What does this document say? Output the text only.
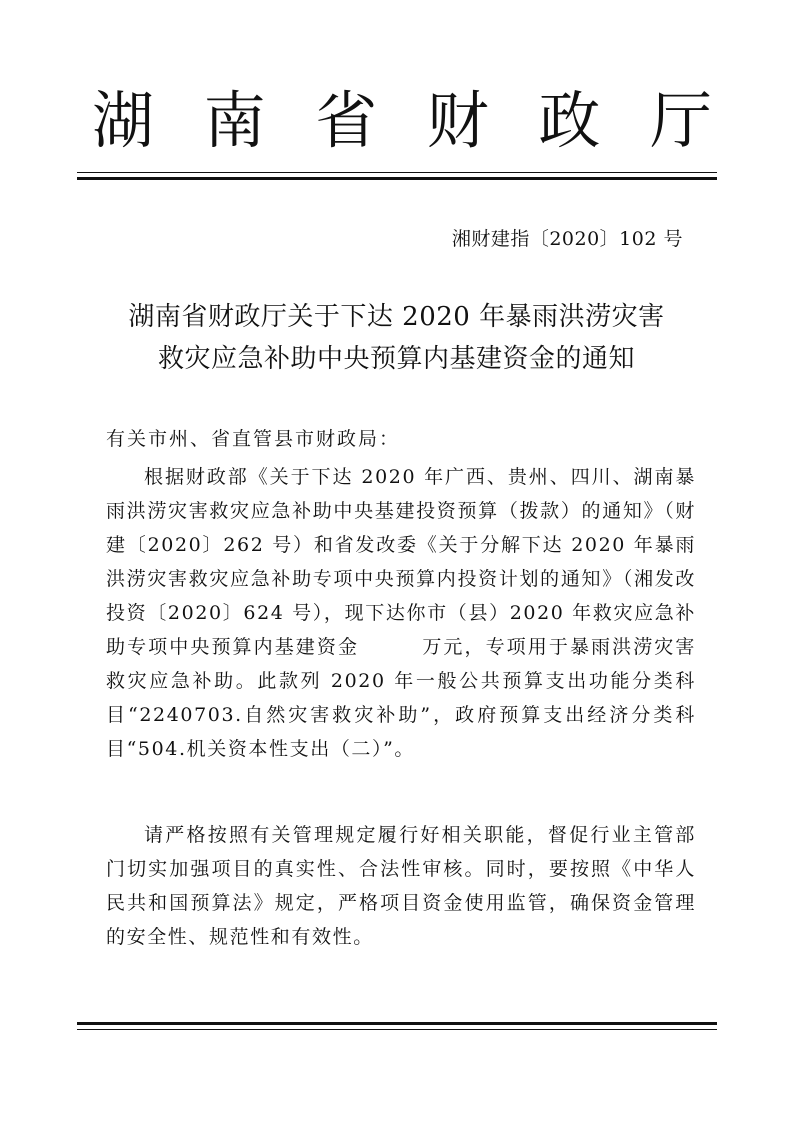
湖 南 省 财 政 厅
湘财建指〔2020〕102 号
湖南省财政厅关于下达 2020 年暴雨洪涝灾害
救灾应急补助中央预算内基建资金的通知
有关市州、省直管县市财政局：
根据财政部《关于下达 2020 年广西、贵州、四川、湖南暴雨洪涝灾害救灾应急补助中央基建投资预算（拨款）的通知》（财建〔2020〕262 号）和省发改委《关于分解下达 2020 年暴雨洪涝灾害救灾应急补助专项中央预算内投资计划的通知》（湘发改投资〔2020〕624 号），现下达你市（县）2020 年救灾应急补助专项中央预算内基建资金　　　万元，专项用于暴雨洪涝灾害救灾应急补助。此款列 2020 年一般公共预算支出功能分类科目“2240703.自然灾害救灾补助”，政府预算支出经济分类科目“504.机关资本性支出（二）”。
请严格按照有关管理规定履行好相关职能，督促行业主管部门切实加强项目的真实性、合法性审核。同时，要按照《中华人民共和国预算法》规定，严格项目资金使用监管，确保资金管理的安全性、规范性和有效性。
